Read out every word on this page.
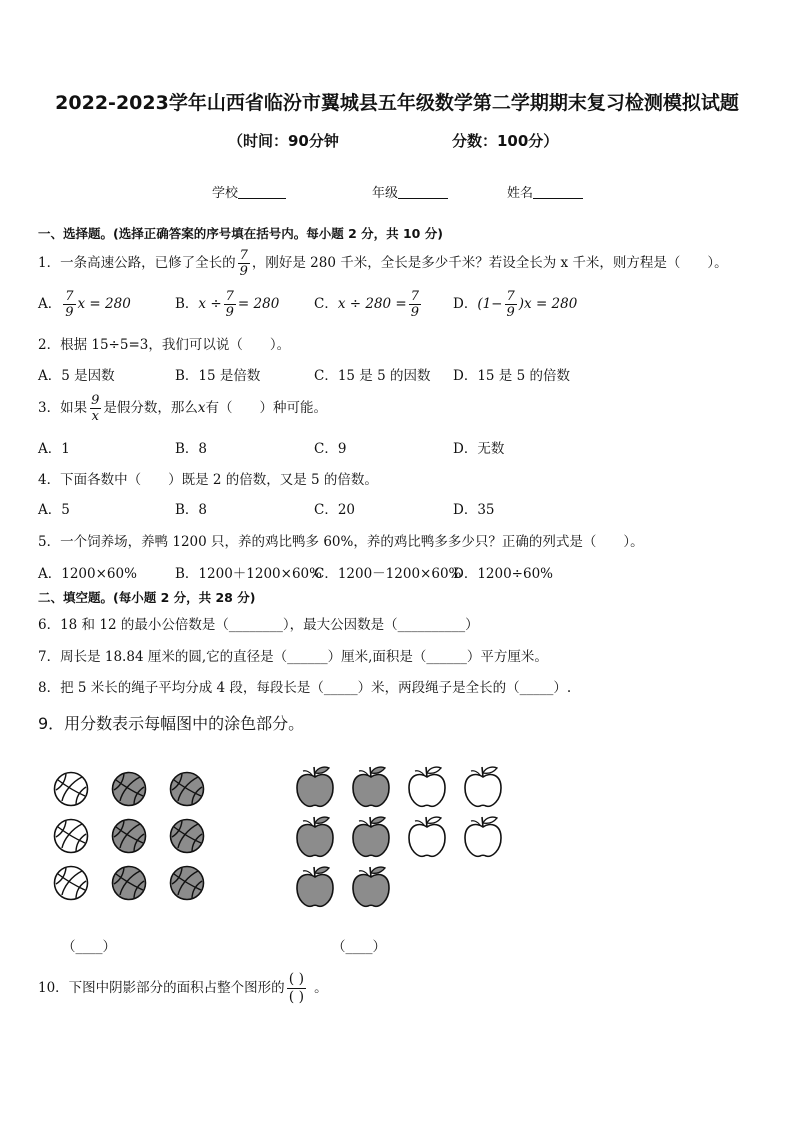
2022-2023学年山西省临汾市翼城县五年级数学第二学期期末复习检测模拟试题
（时间：90分钟	分数：100分）
学校	年级	姓名
一、选择题。(选择正确答案的序号填在括号内。每小题 2 分，共 10 分)
1．一条高速公路，已修了全长的 $\frac{7}{9}$ ，刚好是 280 千米，全长是多少千米？若设全长为 x 千米，则方程是（　　）。
A． $\frac{7}{9}$ x = 280	B．$x \div \frac{7}{9} = 280$	C．$x \div 280 = \frac{7}{9}$ D．$(1- \frac{7}{9} )x = 280$
2．根据 15÷5=3，我们可以说（　　）。
A．5 是因数	B．15 是倍数	C．15 是 5 的因数 D．15 是 5 的倍数
3．如果 $\frac{9}{x}$ 是假分数，那么x有（　　）种可能。
A．1	B．8	C．9	D．无数
4．下面各数中（　　）既是 2 的倍数，又是 5 的倍数。
A．5	B．8	C．20	D．35
5．一个饲养场，养鸭 1200 只，养的鸡比鸭多 60%，养的鸡比鸭多多少只？正确的列式是（　　）。
A．1200×60%	B．1200＋1200×60%
C．1200－1200×60%
D．1200÷60%
二、填空题。(每小题 2 分，共 28 分)
6．18 和 12 的最小公倍数是（________），最大公因数是（__________）
7．周长是 18.84 厘米的圆,它的直径是（______）厘米,面积是（______）平方厘米。
8．把 5 米长的绳子平均分成 4 段，每段长是（_____）米，两段绳子是全长的（_____）.
9．用分数表示每幅图中的涂色部分。
（____）	（____）
10．下图中阴影部分的面积占整个图形的 $\frac{( )}{( )}$ 。
